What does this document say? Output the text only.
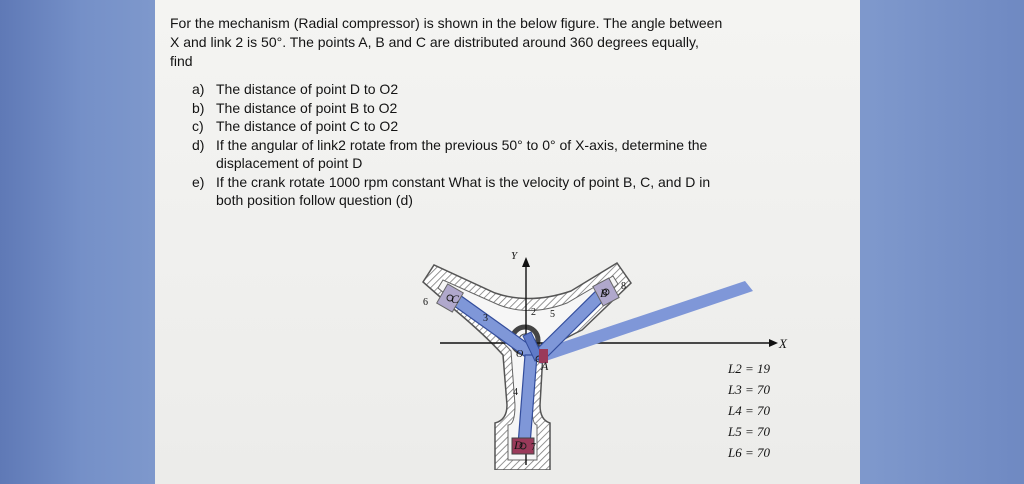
For the mechanism (Radial compressor) is shown in the below figure. The angle between
X and link 2 is 50°. The points A, B and C are distributed around 360 degrees equally,
find
a) The distance of point D to O2
b) The distance of point B to O2
c) The distance of point C to O2
d) If the angular of link2 rotate from the previous 50° to 0° of X-axis, determine the
displacement of point D
e) If the crank rotate 1000 rpm constant What is the velocity of point B, C, and D in
both position follow question (d)
X
Y
C	B
D
A
O
2
3
4
5
6
7
8
L2 = 19
L3 = 70
L4 = 70
L5 = 70
L6 = 70
